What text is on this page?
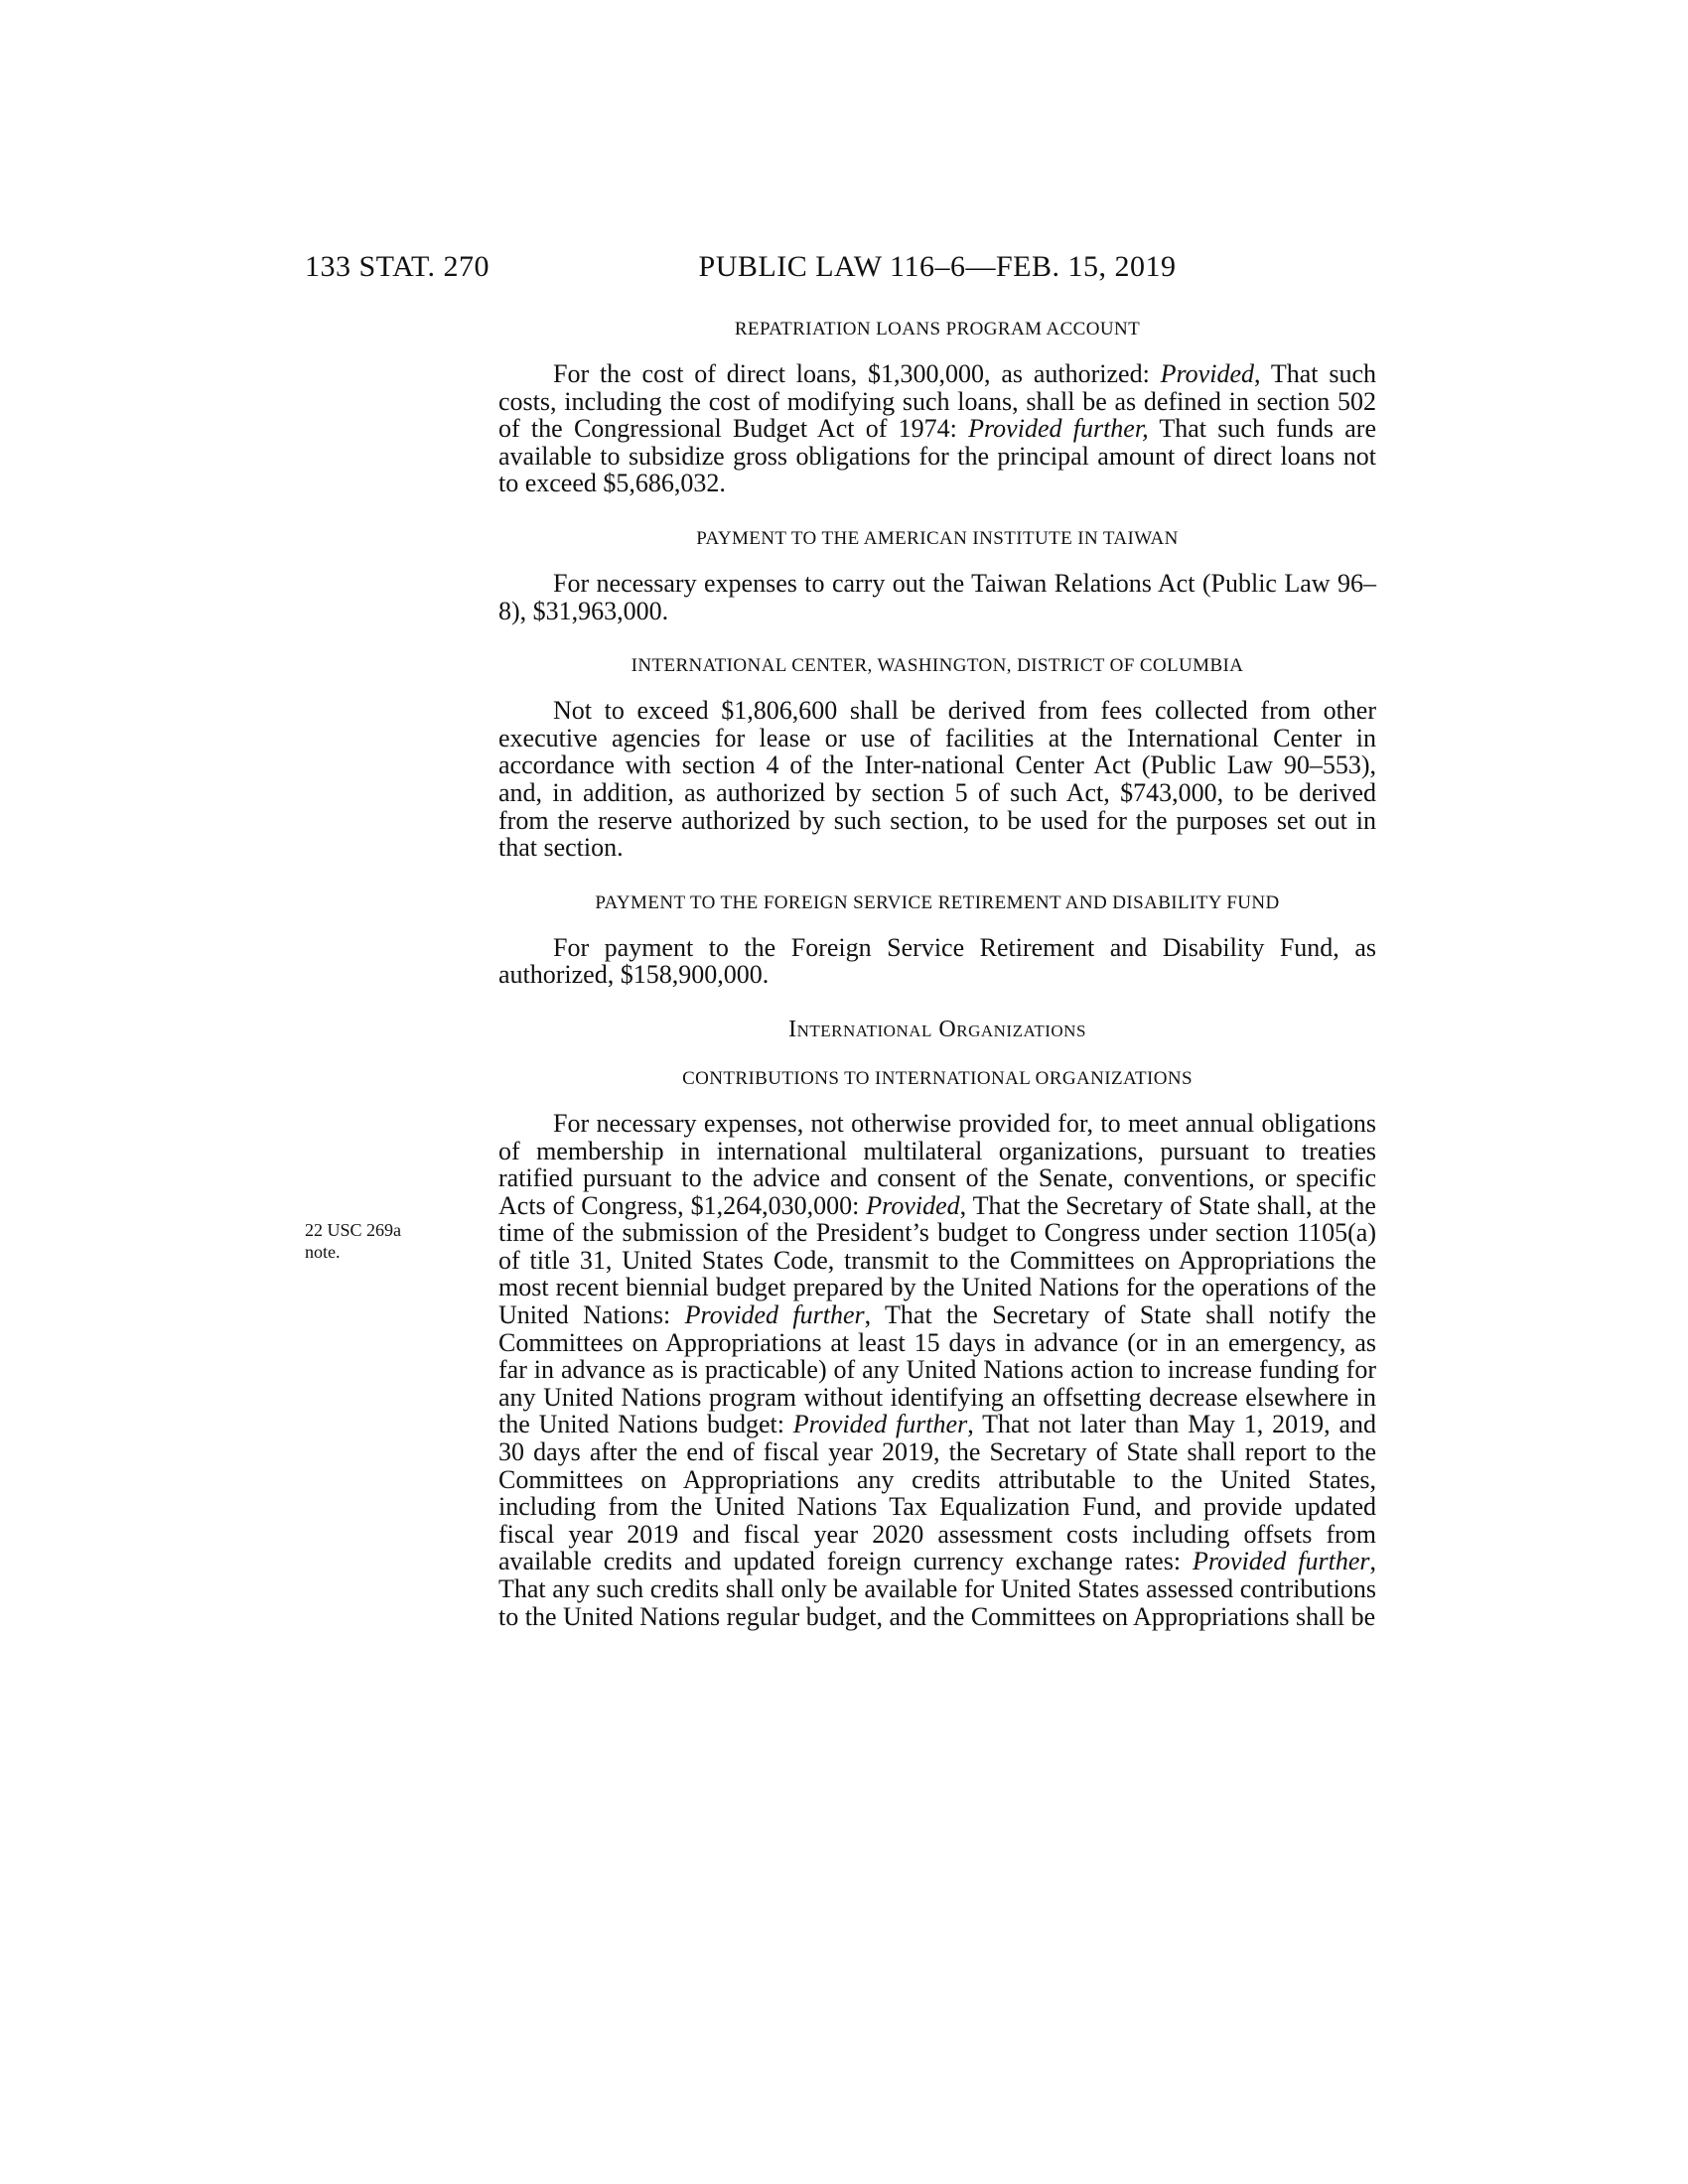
133 STAT. 270	PUBLIC LAW 116–6—FEB. 15, 2019
22 USC 269a
note.
REPATRIATION LOANS PROGRAM ACCOUNT

For the cost of direct loans, $1,300,000, as authorized: Provided, That such costs, including the cost of modifying such loans, shall be as defined in section 502 of the Congressional Budget Act of 1974: Provided further, That such funds are available to subsidize gross obligations for the principal amount of direct loans not to exceed $5,686,032.

PAYMENT TO THE AMERICAN INSTITUTE IN TAIWAN

For necessary expenses to carry out the Taiwan Relations Act (Public Law 96–8), $31,963,000.

INTERNATIONAL CENTER, WASHINGTON, DISTRICT OF COLUMBIA

Not to exceed $1,806,600 shall be derived from fees collected from other executive agencies for lease or use of facilities at the International Center in accordance with section 4 of the Inter-national Center Act (Public Law 90–553), and, in addition, as authorized by section 5 of such Act, $743,000, to be derived from the reserve authorized by such section, to be used for the purposes set out in that section.

PAYMENT TO THE FOREIGN SERVICE RETIREMENT AND DISABILITY FUND

For payment to the Foreign Service Retirement and Disability Fund, as authorized, $158,900,000.

International Organizations
CONTRIBUTIONS TO INTERNATIONAL ORGANIZATIONS

For necessary expenses, not otherwise provided for, to meet annual obligations of membership in international multilateral organizations, pursuant to treaties ratified pursuant to the advice and consent of the Senate, conventions, or specific Acts of Congress, $1,264,030,000: Provided, That the Secretary of State shall, at the time of the submission of the President’s budget to Congress under section 1105(a) of title 31, United States Code, transmit to the Committees on Appropriations the most recent biennial budget prepared by the United Nations for the operations of the United Nations: Provided further, That the Secretary of State shall notify the Committees on Appropriations at least 15 days in advance (or in an emergency, as far in advance as is practicable) of any United Nations action to increase funding for any United Nations program without identifying an offsetting decrease elsewhere in the United Nations budget: Provided further, That not later than May 1, 2019, and 30 days after the end of fiscal year 2019, the Secretary of State shall report to the Committees on Appropriations any credits attributable to the United States, including from the United Nations Tax Equalization Fund, and provide updated fiscal year 2019 and fiscal year 2020 assessment costs including offsets from available credits and updated foreign currency exchange rates: Provided further, That any such credits shall only be available for United States assessed contributions to the United Nations regular budget, and the Committees on Appropriations shall be
